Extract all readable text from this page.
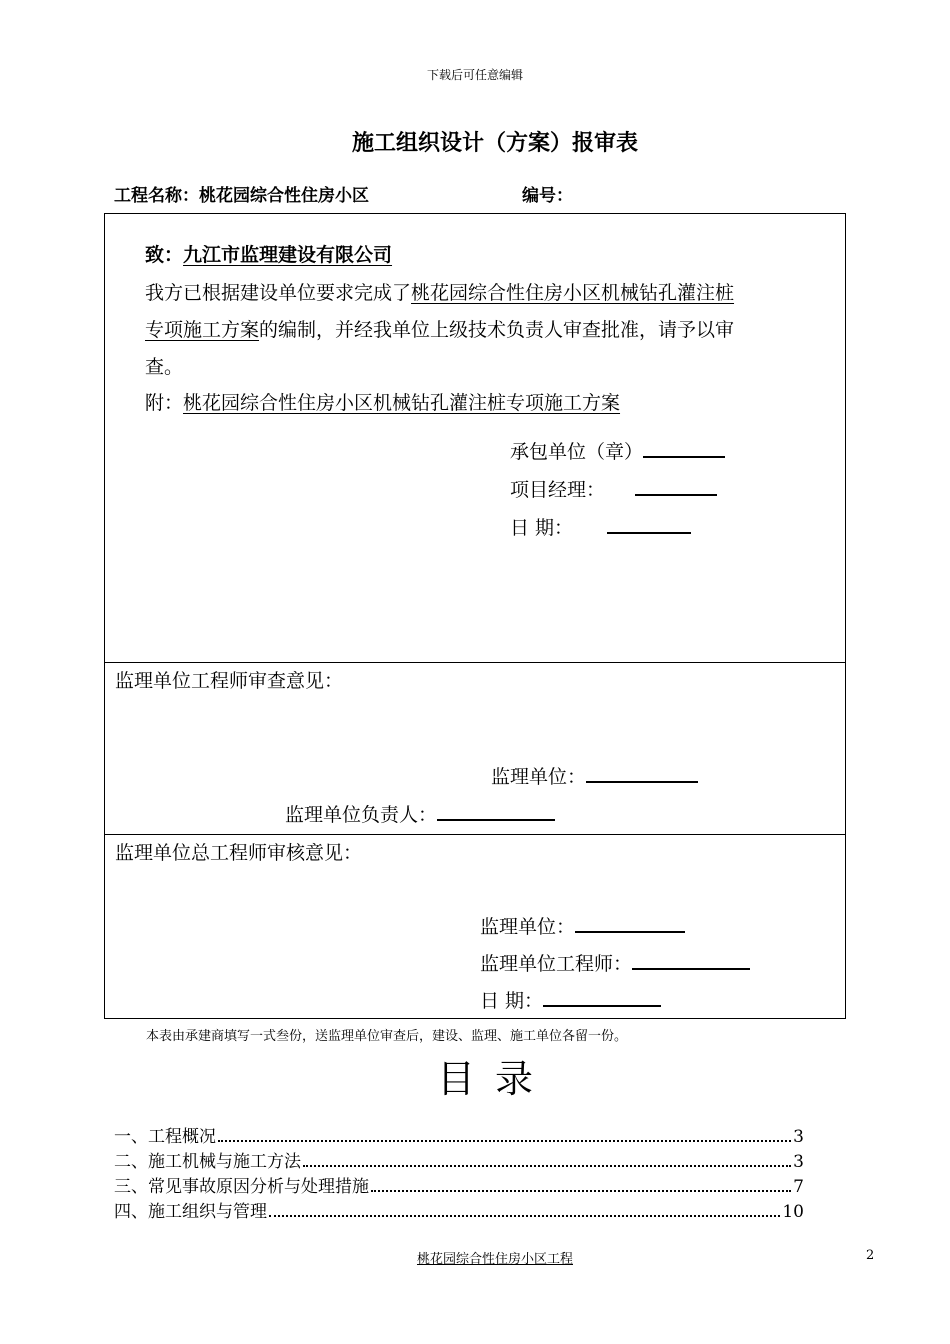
下载后可任意编辑
施工组织设计（方案）报审表
工程名称：桃花园综合性住房小区	编号：
致：九江市监理建设有限公司
我方已根据建设单位要求完成了桃花园综合性住房小区机械钻孔灌注桩
专项施工方案的编制，并经我单位上级技术负责人审查批准，请予以审
查。
附：桃花园综合性住房小区机械钻孔灌注桩专项施工方案
承包单位（章）
项目经理：
日 期：
监理单位工程师审查意见：
监理单位：
监理单位负责人：
监理单位总工程师审核意见：
监理单位：
监理单位工程师：
日 期：
本表由承建商填写一式叁份，送监理单位审查后，建设、监理、施工单位各留一份。
目录
一、工程概况	3
二、施工机械与施工方法	3
三、常见事故原因分析与处理措施	7
四、施工组织与管理	10
桃花园综合性住房小区工程	2
